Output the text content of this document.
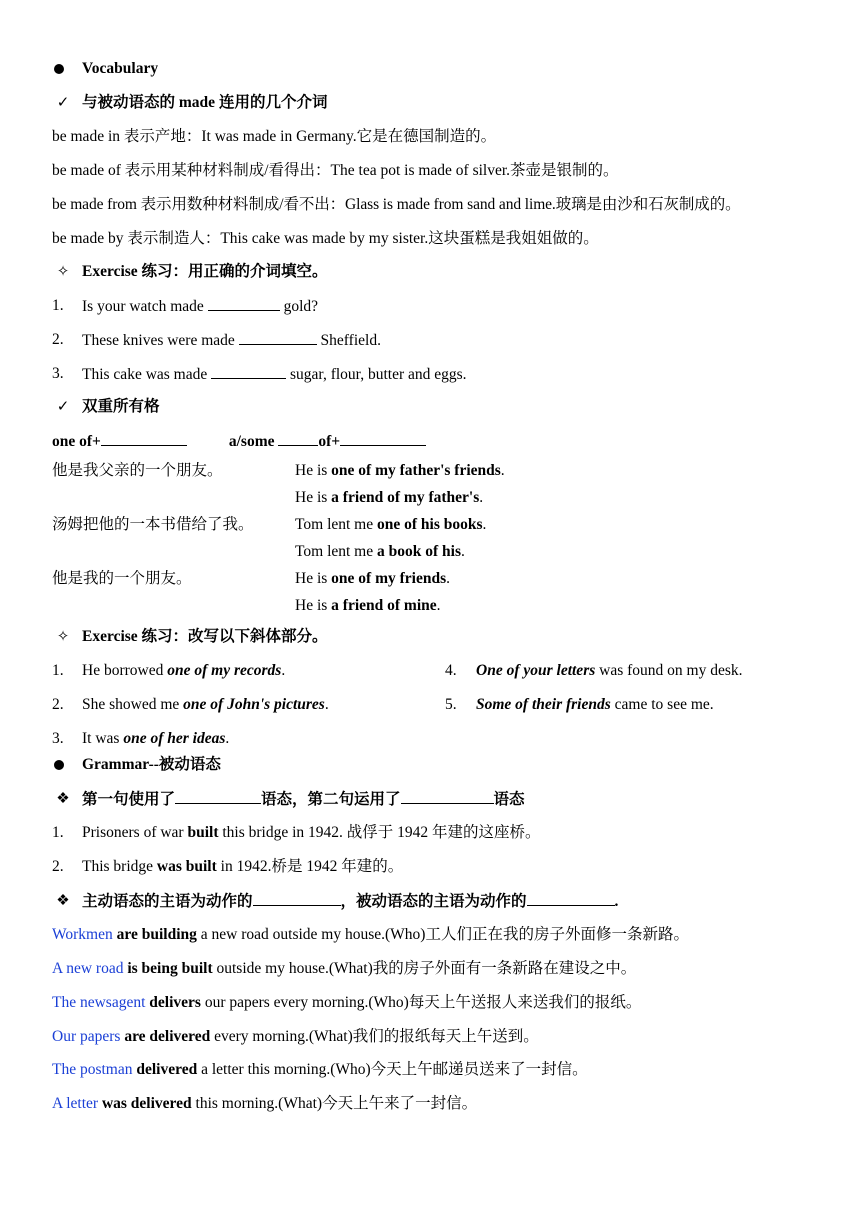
Vocabulary
✓ 与被动语态的 made 连用的几个介词
be made in 表示产地：It was made in Germany.它是在德国制造的。
be made of 表示用某种材料制成/看得出：The tea pot is made of silver.茶壶是银制的。
be made from 表示用数种材料制成/看不出：Glass is made from sand and lime.玻璃是由沙和石灰制成的。
be made by 表示制造人：This cake was made by my sister.这块蛋糕是我姐姐做的。
✧ Exercise 练习：用正确的介词填空。
1. Is your watch made	gold?
2. These knives were made	Sheffield.
3. This cake was made	sugar, flour, butter and eggs.
✓ 双重所有格
one of+	a/some	of+
他是我父亲的一个朋友。	He is one of my father's friends.
He is a friend of my father's.
汤姆把他的一本书借给了我。	Tom lent me one of his books.
Tom lent me a book of his.
他是我的一个朋友。	He is one of my friends.
He is a friend of mine.
✧ Exercise 练习：改写以下斜体部分。
1. He borrowed one of my records.	4. One of your letters was found on my desk.
2. She showed me one of John's pictures.	5. Some of their friends came to see me.
3. It was one of her ideas.
Grammar--被动语态
❖ 第一句使用了	语态，第二句运用了	语态
1. Prisoners of war built this bridge in 1942. 战俘于 1942 年建的这座桥。
2. This bridge was built in 1942.桥是 1942 年建的。
❖ 主动语态的主语为动作的	，被动语态的主语为动作的	.
Workmen are building a new road outside my house.(Who)工人们正在我的房子外面修一条新路。
A new road is being built outside my house.(What)我的房子外面有一条新路在建设之中。
The newsagent delivers our papers every morning.(Who)每天上午送报人来送我们的报纸。
Our papers are delivered every morning.(What)我们的报纸每天上午送到。
The postman delivered a letter this morning.(Who)今天上午邮递员送来了一封信。
A letter was delivered this morning.(What)今天上午来了一封信。
